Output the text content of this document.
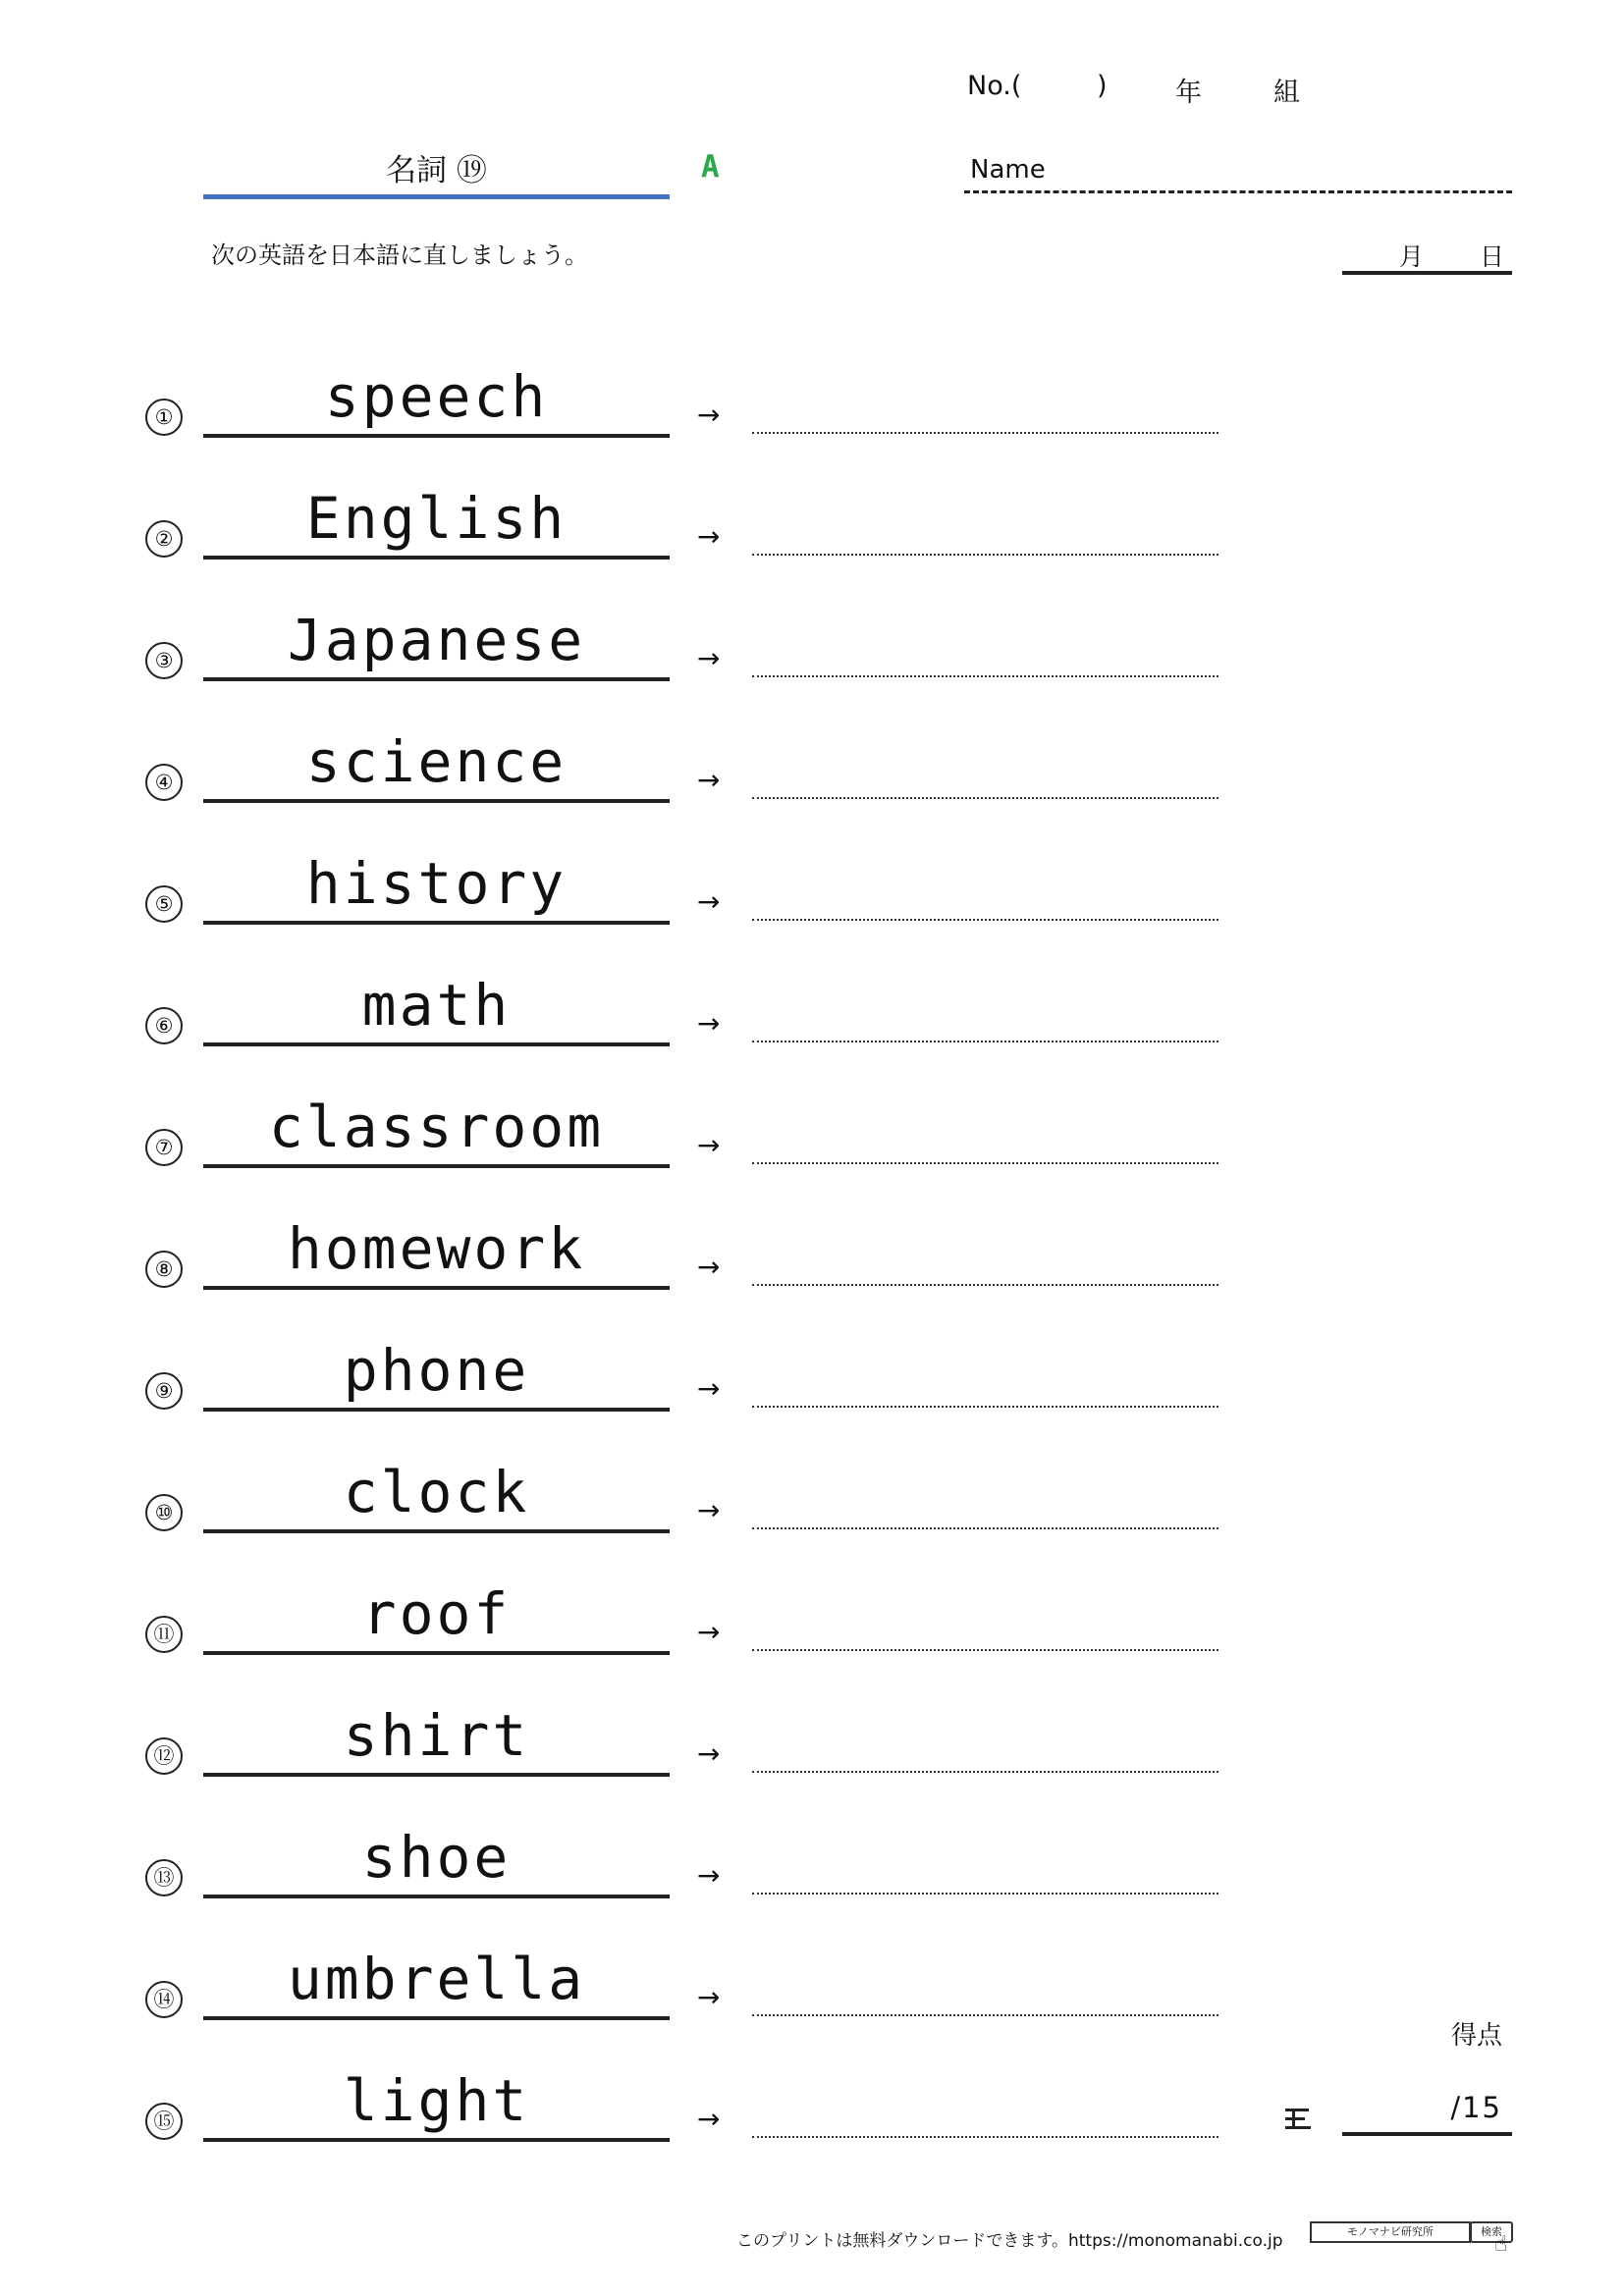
No.(	)	年	組
名詞 ⑲	A	Name
次の英語を日本語に直しましょう。	月 日
①	speech	→
②	English	→
③	Japanese	→
④	science	→
⑤	history	→
⑥	math	→
⑦	classroom	→
⑧	homework	→
⑨	phone	→
⑩	clock	→
⑪	roof	→
⑫	shirt	→
⑬	shoe	→
⑭	umbrella	→
⑮	light	→
得点
/15
このプリントは無料ダウンロードできます。https://monomanabi.co.jp	モノマナビ研究所	検索
☝
